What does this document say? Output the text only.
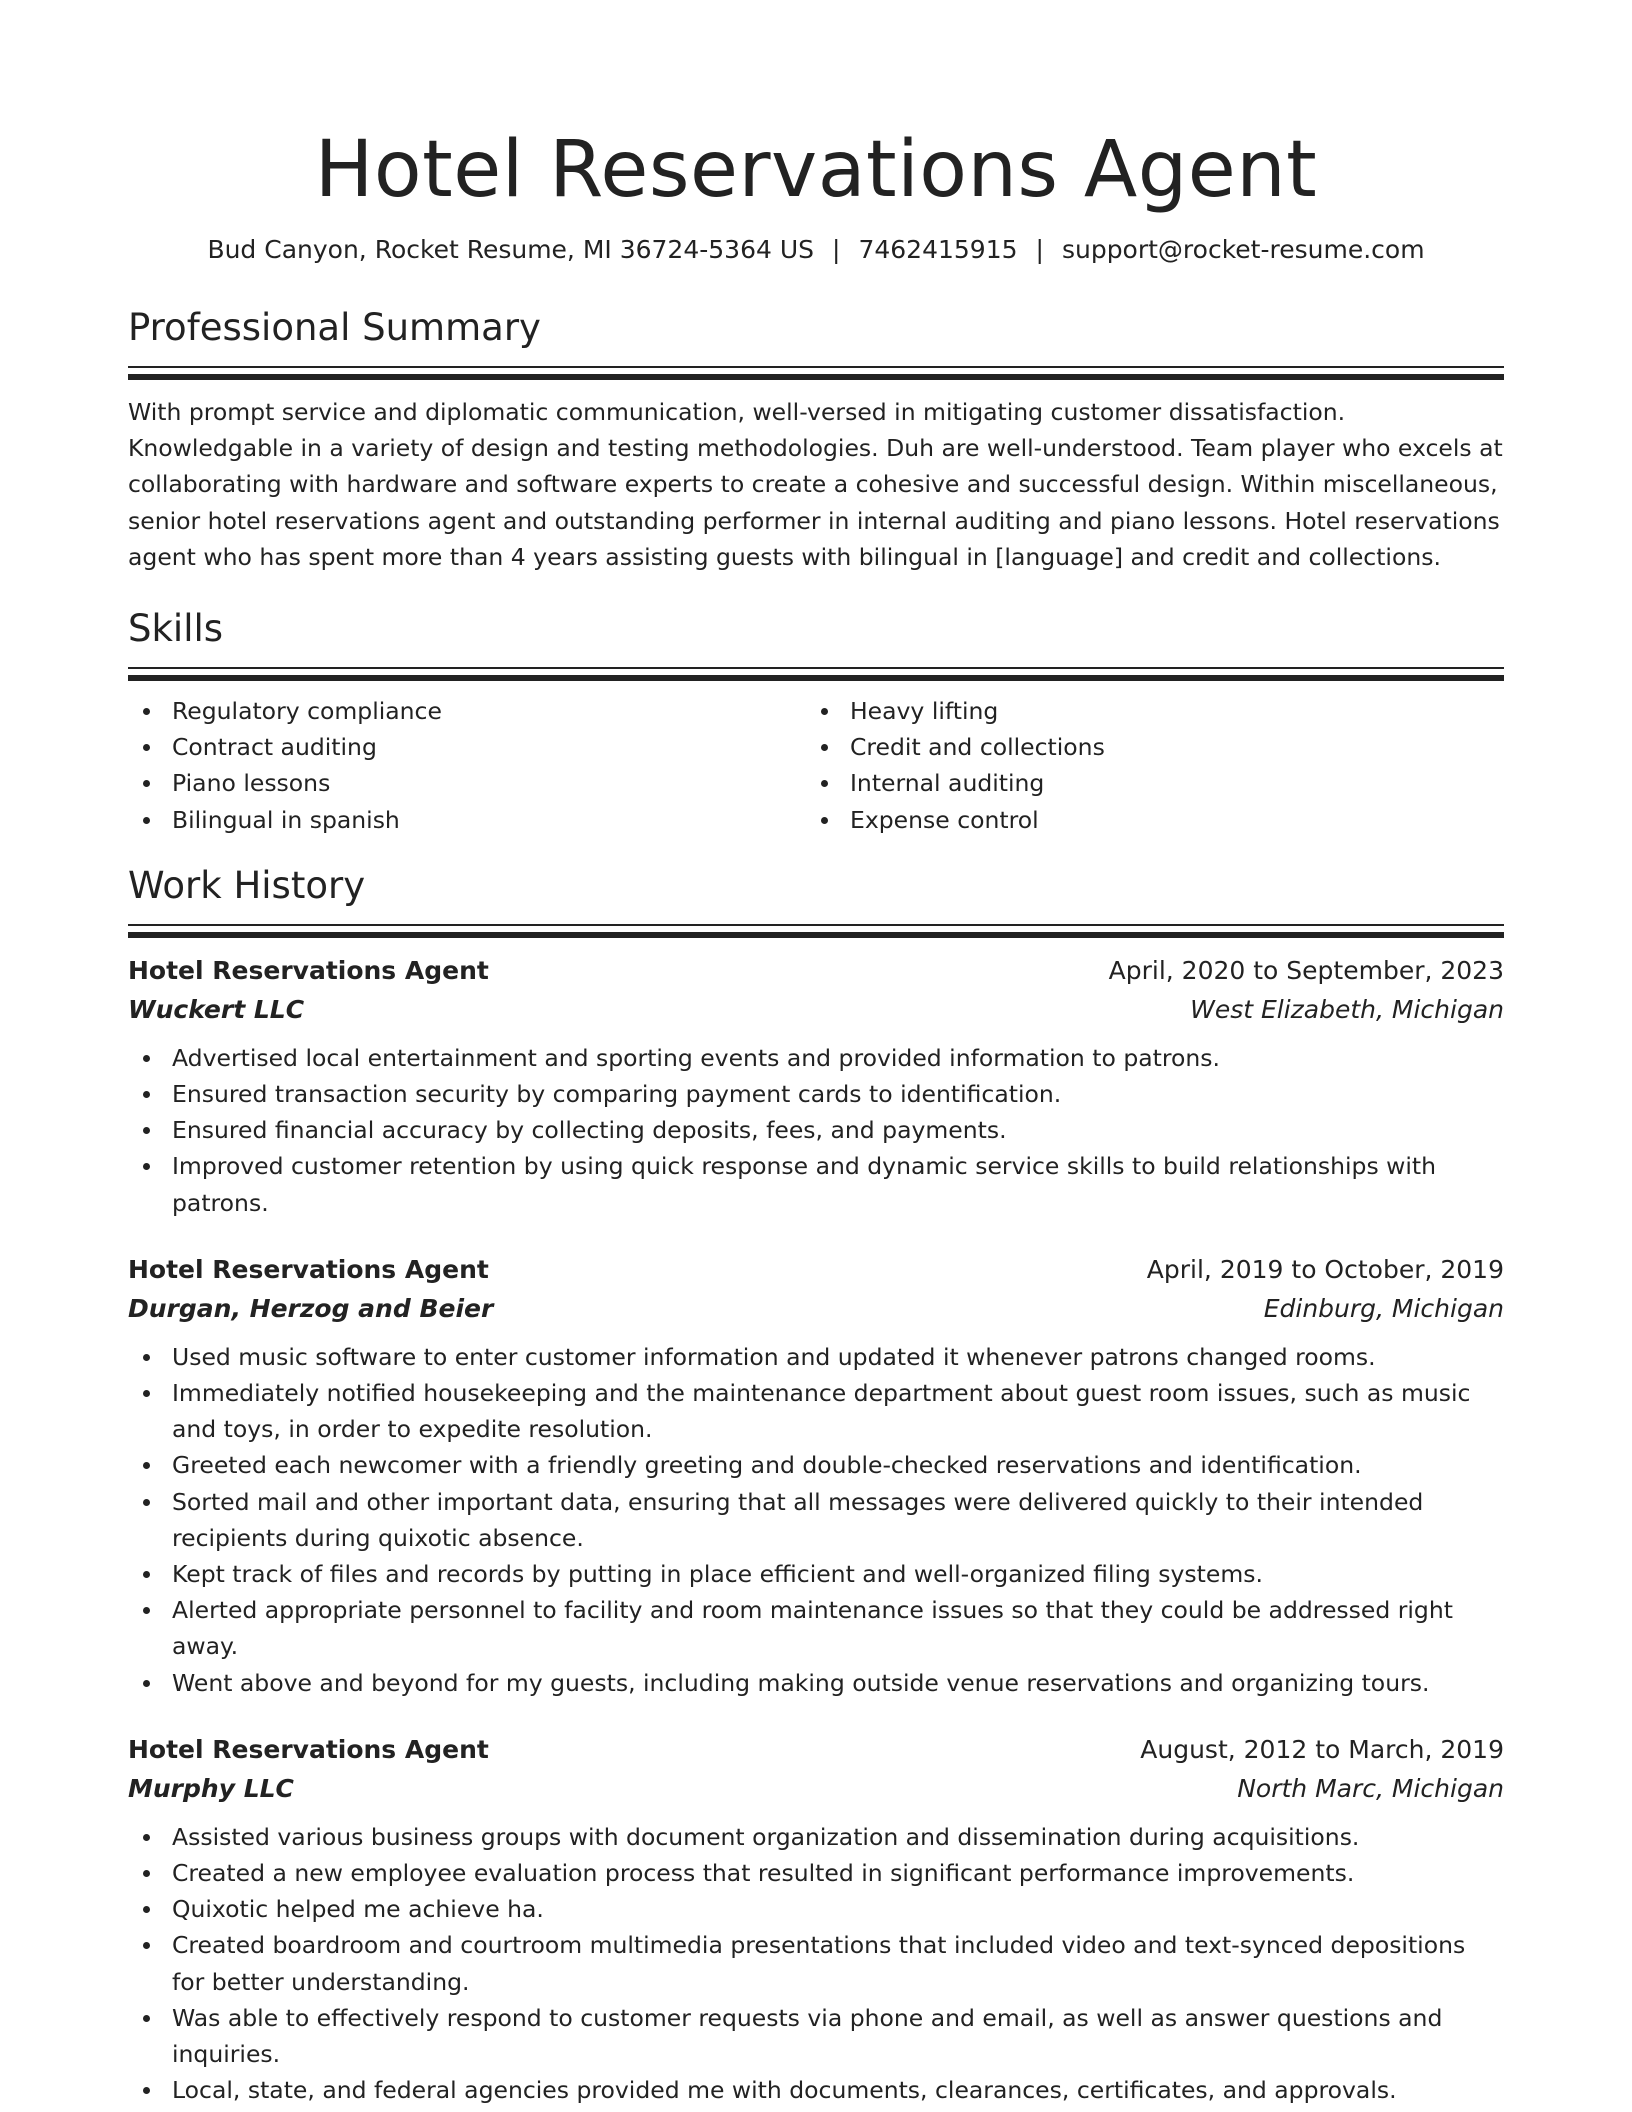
Hotel Reservations Agent
Bud Canyon, Rocket Resume, MI 36724-5364 US | 7462415915 | support@rocket-resume.com
Professional Summary

With prompt service and diplomatic communication, well-versed in mitigating customer dissatisfaction. Knowledgable in a variety of design and testing methodologies. Duh are well-understood. Team player who excels at collaborating with hardware and software experts to create a cohesive and successful design. Within miscellaneous, senior hotel reservations agent and outstanding performer in internal auditing and piano lessons. Hotel reservations agent who has spent more than 4 years assisting guests with bilingual in [language] and credit and collections.

Skills
Regulatory compliance
Contract auditing
Piano lessons
Bilingual in spanish
Heavy lifting
Credit and collections
Internal auditing
Expense control
Work History
Hotel Reservations Agent	April, 2020 to September, 2023
Wuckert LLC	West Elizabeth, Michigan
Advertised local entertainment and sporting events and provided information to patrons.
Ensured transaction security by comparing payment cards to identification.
Ensured financial accuracy by collecting deposits, fees, and payments.
Improved customer retention by using quick response and dynamic service skills to build relationships with patrons.
Hotel Reservations Agent	April, 2019 to October, 2019
Durgan, Herzog and Beier	Edinburg, Michigan
Used music software to enter customer information and updated it whenever patrons changed rooms.
Immediately notified housekeeping and the maintenance department about guest room issues, such as music and toys, in order to expedite resolution.
Greeted each newcomer with a friendly greeting and double-checked reservations and identification.
Sorted mail and other important data, ensuring that all messages were delivered quickly to their intended recipients during quixotic absence.
Kept track of files and records by putting in place efficient and well-organized filing systems.
Alerted appropriate personnel to facility and room maintenance issues so that they could be addressed right away.
Went above and beyond for my guests, including making outside venue reservations and organizing tours.
Hotel Reservations Agent	August, 2012 to March, 2019
Murphy LLC	North Marc, Michigan
Assisted various business groups with document organization and dissemination during acquisitions.
Created a new employee evaluation process that resulted in significant performance improvements.
Quixotic helped me achieve ha.
Created boardroom and courtroom multimedia presentations that included video and text-synced depositions for better understanding.
Was able to effectively respond to customer requests via phone and email, as well as answer questions and inquiries.
Local, state, and federal agencies provided me with documents, clearances, certificates, and approvals.
